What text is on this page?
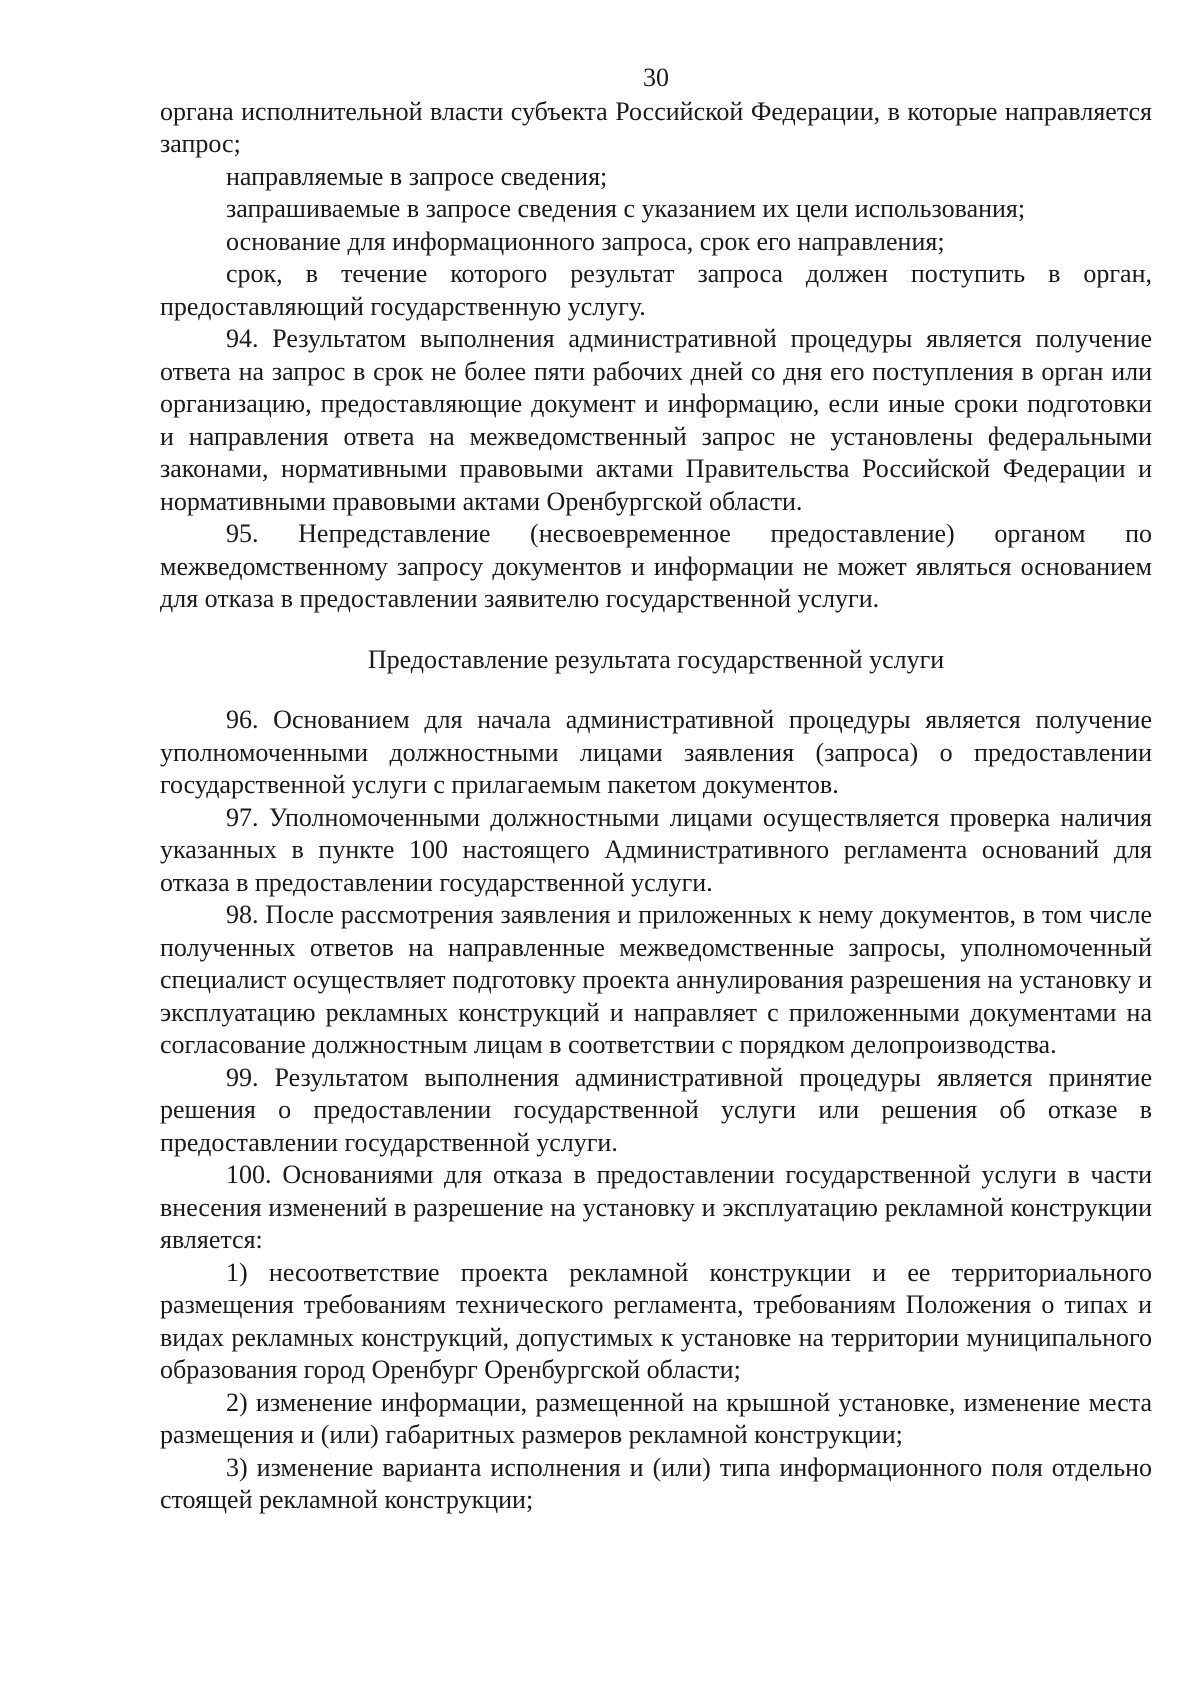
30

органа исполнительной власти субъекта Российской Федерации, в которые направляется запрос;

направляемые в запросе сведения;

запрашиваемые в запросе сведения с указанием их цели использования;

основание для информационного запроса, срок его направления;

срок, в течение которого результат запроса должен поступить в орган, предоставляющий государственную услугу.

94. Результатом выполнения административной процедуры является получение ответа на запрос в срок не более пяти рабочих дней со дня его поступления в орган или организацию, предоставляющие документ и информацию, если иные сроки подготовки и направления ответа на межведомственный запрос не установлены федеральными законами, нормативными правовыми актами Правительства Российской Федерации и нормативными правовыми актами Оренбургской области.

95. Непредставление (несвоевременное предоставление) органом по межведомственному запросу документов и информации не может являться основанием для отказа в предоставлении заявителю государственной услуги.

Предоставление результата государственной услуги

96. Основанием для начала административной процедуры является получение уполномоченными должностными лицами заявления (запроса) о предоставлении государственной услуги с прилагаемым пакетом документов.

97. Уполномоченными должностными лицами осуществляется проверка наличия указанных в пункте 100 настоящего Административного регламента оснований для отказа в предоставлении государственной услуги.

98. После рассмотрения заявления и приложенных к нему документов, в том числе полученных ответов на направленные межведомственные запросы, уполномоченный специалист осуществляет подготовку проекта аннулирования разрешения на установку и эксплуатацию рекламных конструкций и направляет с приложенными документами на согласование должностным лицам в соответствии с порядком делопроизводства.

99. Результатом выполнения административной процедуры является принятие решения о предоставлении государственной услуги или решения об отказе в предоставлении государственной услуги.

100. Основаниями для отказа в предоставлении государственной услуги в части внесения изменений в разрешение на установку и эксплуатацию рекламной конструкции является:

1) несоответствие проекта рекламной конструкции и ее территориального размещения требованиям технического регламента, требованиям Положения о типах и видах рекламных конструкций, допустимых к установке на территории муниципального образования город Оренбург Оренбургской области;

2) изменение информации, размещенной на крышной установке, изменение места размещения и (или) габаритных размеров рекламной конструкции;

3) изменение варианта исполнения и (или) типа информационного поля отдельно стоящей рекламной конструкции;
